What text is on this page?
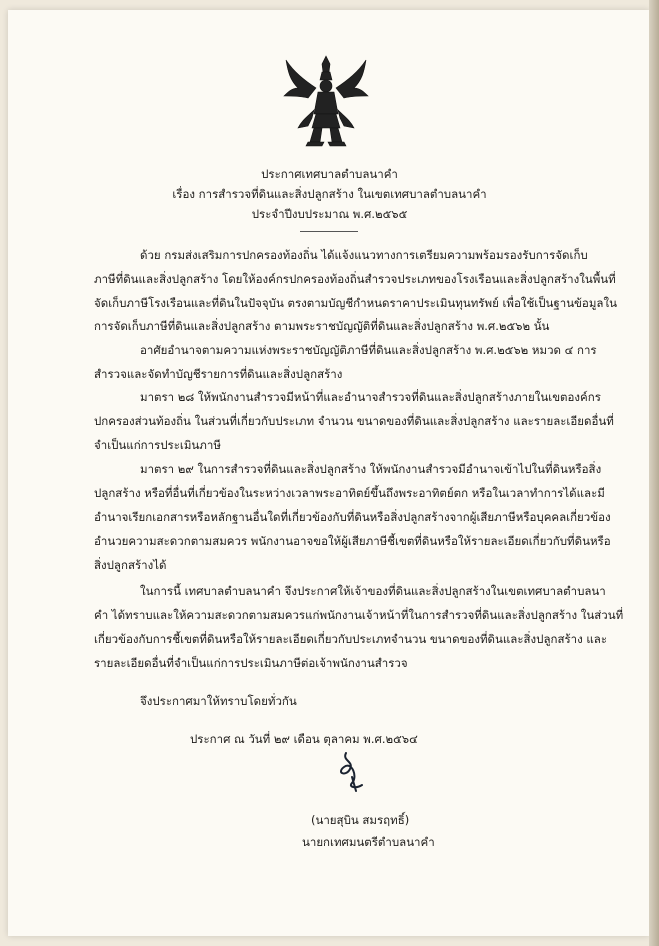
ประกาศเทศบาลตำบลนาคำ
เรื่อง การสำรวจที่ดินและสิ่งปลูกสร้าง ในเขตเทศบาลตำบลนาคำ
ประจำปีงบประมาณ พ.ศ.๒๕๖๕
ด้วย กรมส่งเสริมการปกครองท้องถิ่น ได้แจ้งแนวทางการเตรียมความพร้อมรองรับการจัดเก็บ
ภาษีที่ดินและสิ่งปลูกสร้าง โดยให้องค์กรปกครองท้องถิ่นสำรวจประเภทของโรงเรือนและสิ่งปลูกสร้างในพื้นที่
จัดเก็บภาษีโรงเรือนและที่ดินในปัจจุบัน ตรงตามบัญชีกำหนดราคาประเมินทุนทรัพย์ เพื่อใช้เป็นฐานข้อมูลใน
การจัดเก็บภาษีที่ดินและสิ่งปลูกสร้าง ตามพระราชบัญญัติที่ดินและสิ่งปลูกสร้าง พ.ศ.๒๕๖๒ นั้น
อาศัยอำนาจตามความแห่งพระราชบัญญัติภาษีที่ดินและสิ่งปลูกสร้าง พ.ศ.๒๕๖๒ หมวด ๔ การ
สำรวจและจัดทำบัญชีรายการที่ดินและสิ่งปลูกสร้าง
มาตรา ๒๘ ให้พนักงานสำรวจมีหน้าที่และอำนาจสำรวจที่ดินและสิ่งปลูกสร้างภายในเขตองค์กร
ปกครองส่วนท้องถิ่น ในส่วนที่เกี่ยวกับประเภท จำนวน ขนาดของที่ดินและสิ่งปลูกสร้าง และรายละเอียดอื่นที่
จำเป็นแก่การประเมินภาษี
มาตรา ๒๙ ในการสำรวจที่ดินและสิ่งปลูกสร้าง ให้พนักงานสำรวจมีอำนาจเข้าไปในที่ดินหรือสิ่ง
ปลูกสร้าง หรือที่อื่นที่เกี่ยวข้องในระหว่างเวลาพระอาทิตย์ขึ้นถึงพระอาทิตย์ตก หรือในเวลาทำการได้และมี
อำนาจเรียกเอกสารหรือหลักฐานอื่นใดที่เกี่ยวข้องกับที่ดินหรือสิ่งปลูกสร้างจากผู้เสียภาษีหรือบุคคลเกี่ยวข้อง
อำนวยความสะดวกตามสมควร พนักงานอาจขอให้ผู้เสียภาษีชี้เขตที่ดินหรือให้รายละเอียดเกี่ยวกับที่ดินหรือ
สิ่งปลูกสร้างได้
ในการนี้ เทศบาลตำบลนาคำ จึงประกาศให้เจ้าของที่ดินและสิ่งปลูกสร้างในเขตเทศบาลตำบลนา
คำ ได้ทราบและให้ความสะดวกตามสมควรแก่พนักงานเจ้าหน้าที่ในการสำรวจที่ดินและสิ่งปลูกสร้าง ในส่วนที่
เกี่ยวข้องกับการชี้เขตที่ดินหรือให้รายละเอียดเกี่ยวกับประเภทจำนวน ขนาดของที่ดินและสิ่งปลูกสร้าง และ
รายละเอียดอื่นที่จำเป็นแก่การประเมินภาษีต่อเจ้าพนักงานสำรวจ
จึงประกาศมาให้ทราบโดยทั่วกัน
ประกาศ ณ วันที่ ๒๙ เดือน ตุลาคม พ.ศ.๒๕๖๔
(นายสุบิน สมรฤทธิ์)
นายกเทศมนตรีตำบลนาคำ
